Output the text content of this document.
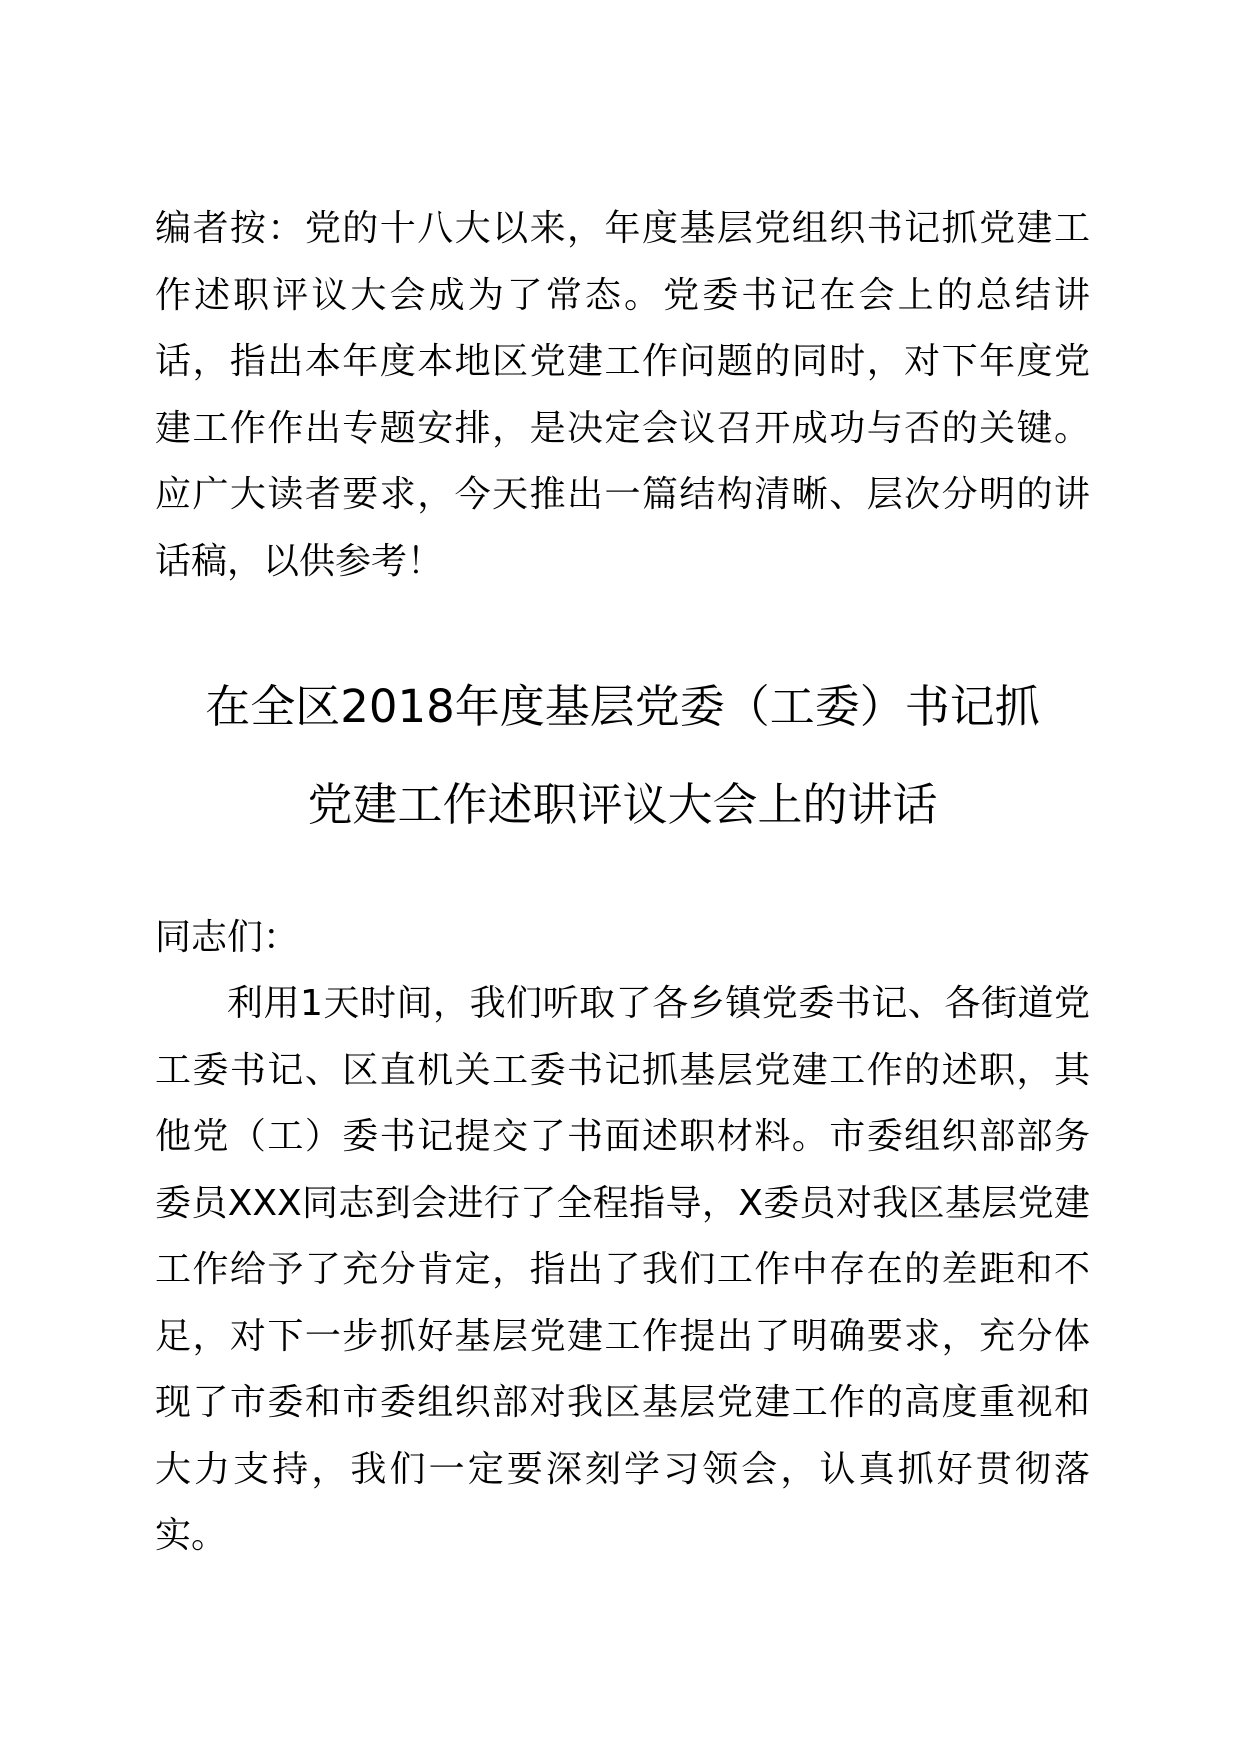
编者按：党的十八大以来，年度基层党组织书记抓党建工作述职评议大会成为了常态。党委书记在会上的总结讲话，指出本年度本地区党建工作问题的同时，对下年度党建工作作出专题安排，是决定会议召开成功与否的关键。应广大读者要求，今天推出一篇结构清晰、层次分明的讲话稿，以供参考！

在全区2018年度基层党委（工委）书记抓
党建工作述职评议大会上的讲话

同志们：

利用1天时间，我们听取了各乡镇党委书记、各街道党工委书记、区直机关工委书记抓基层党建工作的述职，其他党（工）委书记提交了书面述职材料。市委组织部部务委员XXX同志到会进行了全程指导，X委员对我区基层党建工作给予了充分肯定，指出了我们工作中存在的差距和不足，对下一步抓好基层党建工作提出了明确要求，充分体现了市委和市委组织部对我区基层党建工作的高度重视和大力支持，我们一定要深刻学习领会，认真抓好贯彻落实。
